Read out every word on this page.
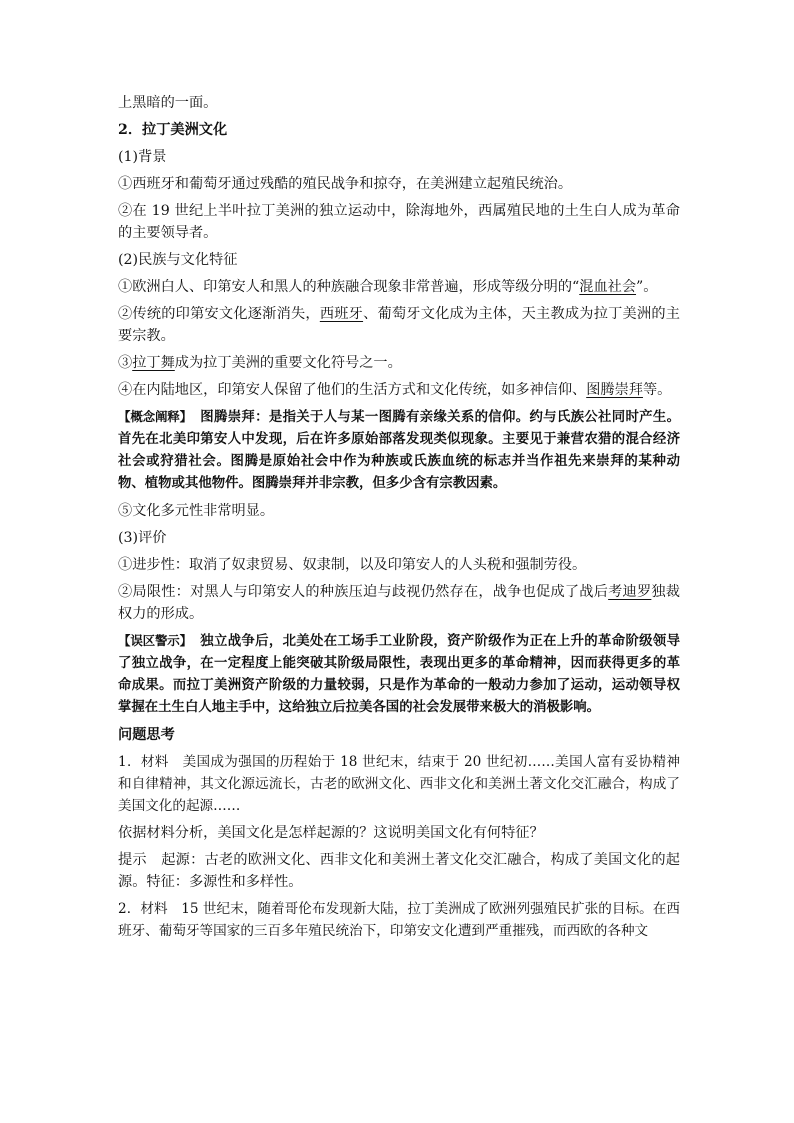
上黑暗的一面。

2．拉丁美洲文化

(1)背景

①西班牙和葡萄牙通过残酷的殖民战争和掠夺，在美洲建立起殖民统治。

②在 19 世纪上半叶拉丁美洲的独立运动中，除海地外，西属殖民地的土生白人成为革命的主要领导者。

(2)民族与文化特征

①欧洲白人、印第安人和黑人的种族融合现象非常普遍，形成等级分明的“混血社会”。

②传统的印第安文化逐渐消失，西班牙、葡萄牙文化成为主体，天主教成为拉丁美洲的主要宗教。

③拉丁舞成为拉丁美洲的重要文化符号之一。

④在内陆地区，印第安人保留了他们的生活方式和文化传统，如多神信仰、图腾崇拜等。

【概念阐释】 图腾崇拜：是指关于人与某一图腾有亲缘关系的信仰。约与氏族公社同时产生。首先在北美印第安人中发现，后在许多原始部落发现类似现象。主要见于兼营农猎的混合经济社会或狩猎社会。图腾是原始社会中作为种族或氏族血统的标志并当作祖先来崇拜的某种动物、植物或其他物件。图腾崇拜并非宗教，但多少含有宗教因素。

⑤文化多元性非常明显。

(3)评价

①进步性：取消了奴隶贸易、奴隶制，以及印第安人的人头税和强制劳役。

②局限性：对黑人与印第安人的种族压迫与歧视仍然存在，战争也促成了战后考迪罗独裁权力的形成。

【误区警示】 独立战争后，北美处在工场手工业阶段，资产阶级作为正在上升的革命阶级领导了独立战争，在一定程度上能突破其阶级局限性，表现出更多的革命精神，因而获得更多的革命成果。而拉丁美洲资产阶级的力量较弱，只是作为革命的一般动力参加了运动，运动领导权掌握在土生白人地主手中，这给独立后拉美各国的社会发展带来极大的消极影响。

问题思考

1．材料　美国成为强国的历程始于 18 世纪末，结束于 20 世纪初……美国人富有妥协精神和自律精神，其文化源远流长，古老的欧洲文化、西非文化和美洲土著文化交汇融合，构成了美国文化的起源……

依据材料分析，美国文化是怎样起源的？这说明美国文化有何特征？

提示　起源：古老的欧洲文化、西非文化和美洲土著文化交汇融合，构成了美国文化的起源。特征：多源性和多样性。

2．材料　15 世纪末，随着哥伦布发现新大陆，拉丁美洲成了欧洲列强殖民扩张的目标。在西班牙、葡萄牙等国家的三百多年殖民统治下，印第安文化遭到严重摧残，而西欧的各种文
